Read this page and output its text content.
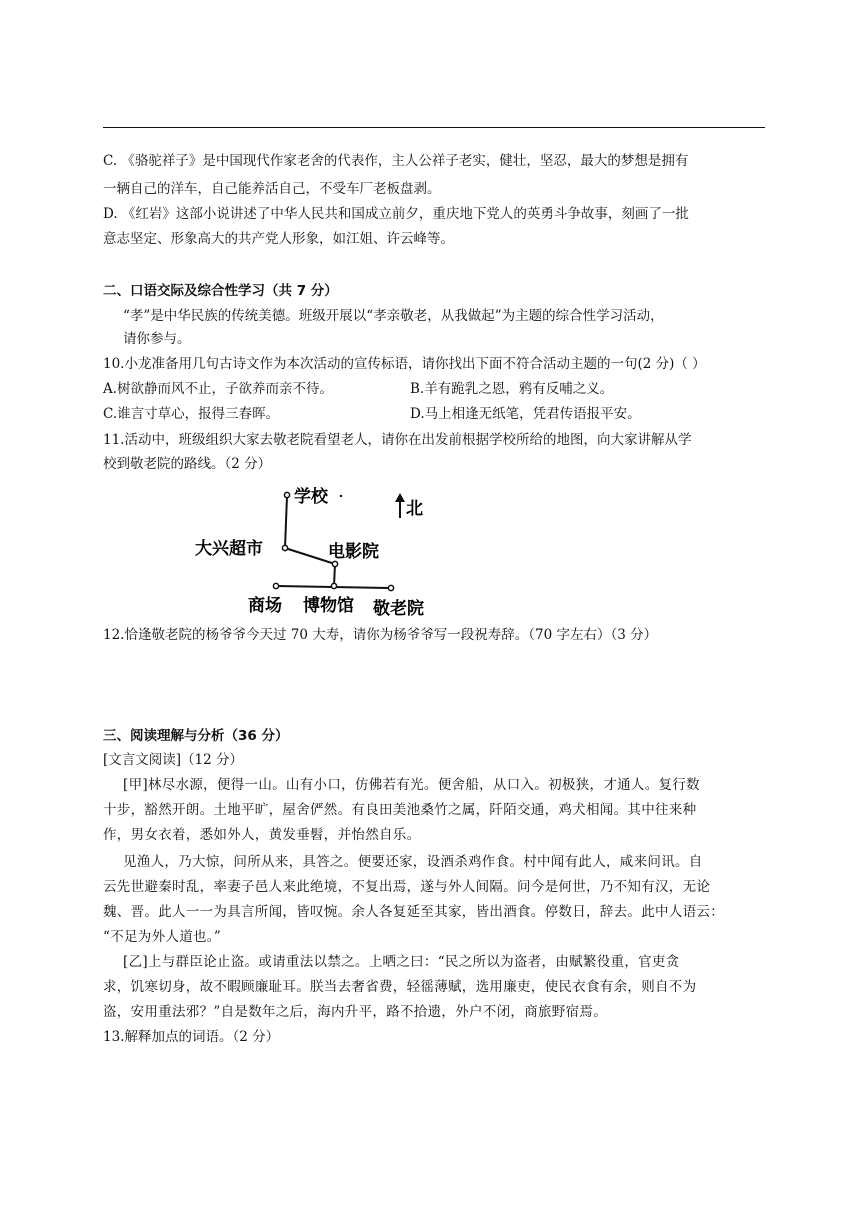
C. 《骆驼祥子》是中国现代作家老舍的代表作，主人公祥子老实，健壮，坚忍，最大的梦想是拥有
一辆自己的洋车，自己能养活自己，不受车厂老板盘剥。
D. 《红岩》这部小说讲述了中华人民共和国成立前夕，重庆地下党人的英勇斗争故事，刻画了一批
意志坚定、形象高大的共产党人形象，如江姐、许云峰等。
二、口语交际及综合性学习（共 7 分）
“孝”是中华民族的传统美德。班级开展以“孝亲敬老，从我做起”为主题的综合性学习活动，
请你参与。
10.小龙准备用几句古诗文作为本次活动的宣传标语，请你找出下面不符合活动主题的一句(2 分)（ ）
A.树欲静而风不止，子欲养而亲不待。	B.羊有跪乳之恩，鸦有反哺之义。
C.谁言寸草心，报得三春晖。	D.马上相逢无纸笔，凭君传语报平安。
11.活动中，班级组织大家去敬老院看望老人，请你在出发前根据学校所给的地图，向大家讲解从学
校到敬老院的路线。（2 分）
学校
北
大兴超市	电影院
商场 博物馆 敬老院
12.恰逢敬老院的杨爷爷今天过 70 大寿，请你为杨爷爷写一段祝寿辞。（70 字左右）（3 分）
三、阅读理解与分析（36 分）
[文言文阅读]（12 分）
[甲]林尽水源，便得一山。山有小口，仿佛若有光。便舍船，从口入。初极狭，才通人。复行数
十步，豁然开朗。土地平旷，屋舍俨然。有良田美池桑竹之属，阡陌交通，鸡犬相闻。其中往来种
作，男女衣着，悉如外人，黄发垂髫，并怡然自乐。
见渔人，乃大惊，问所从来，具答之。便要还家，设酒杀鸡作食。村中闻有此人，咸来问讯。自
云先世避秦时乱，率妻子邑人来此绝境，不复出焉，遂与外人间隔。问今是何世，乃不知有汉，无论
魏、晋。此人一一为具言所闻，皆叹惋。余人各复延至其家，皆出酒食。停数日，辞去。此中人语云：
“不足为外人道也。”
[乙]上与群臣论止盗。或请重法以禁之。上哂之曰：“民之所以为盗者，由赋繁役重，官吏贪
求，饥寒切身，故不暇顾廉耻耳。朕当去奢省费，轻徭薄赋，选用廉吏，使民衣食有余，则自不为
盗，安用重法邪？”自是数年之后，海内升平，路不拾遗，外户不闭，商旅野宿焉。
13.解释加点的词语。（2 分）
